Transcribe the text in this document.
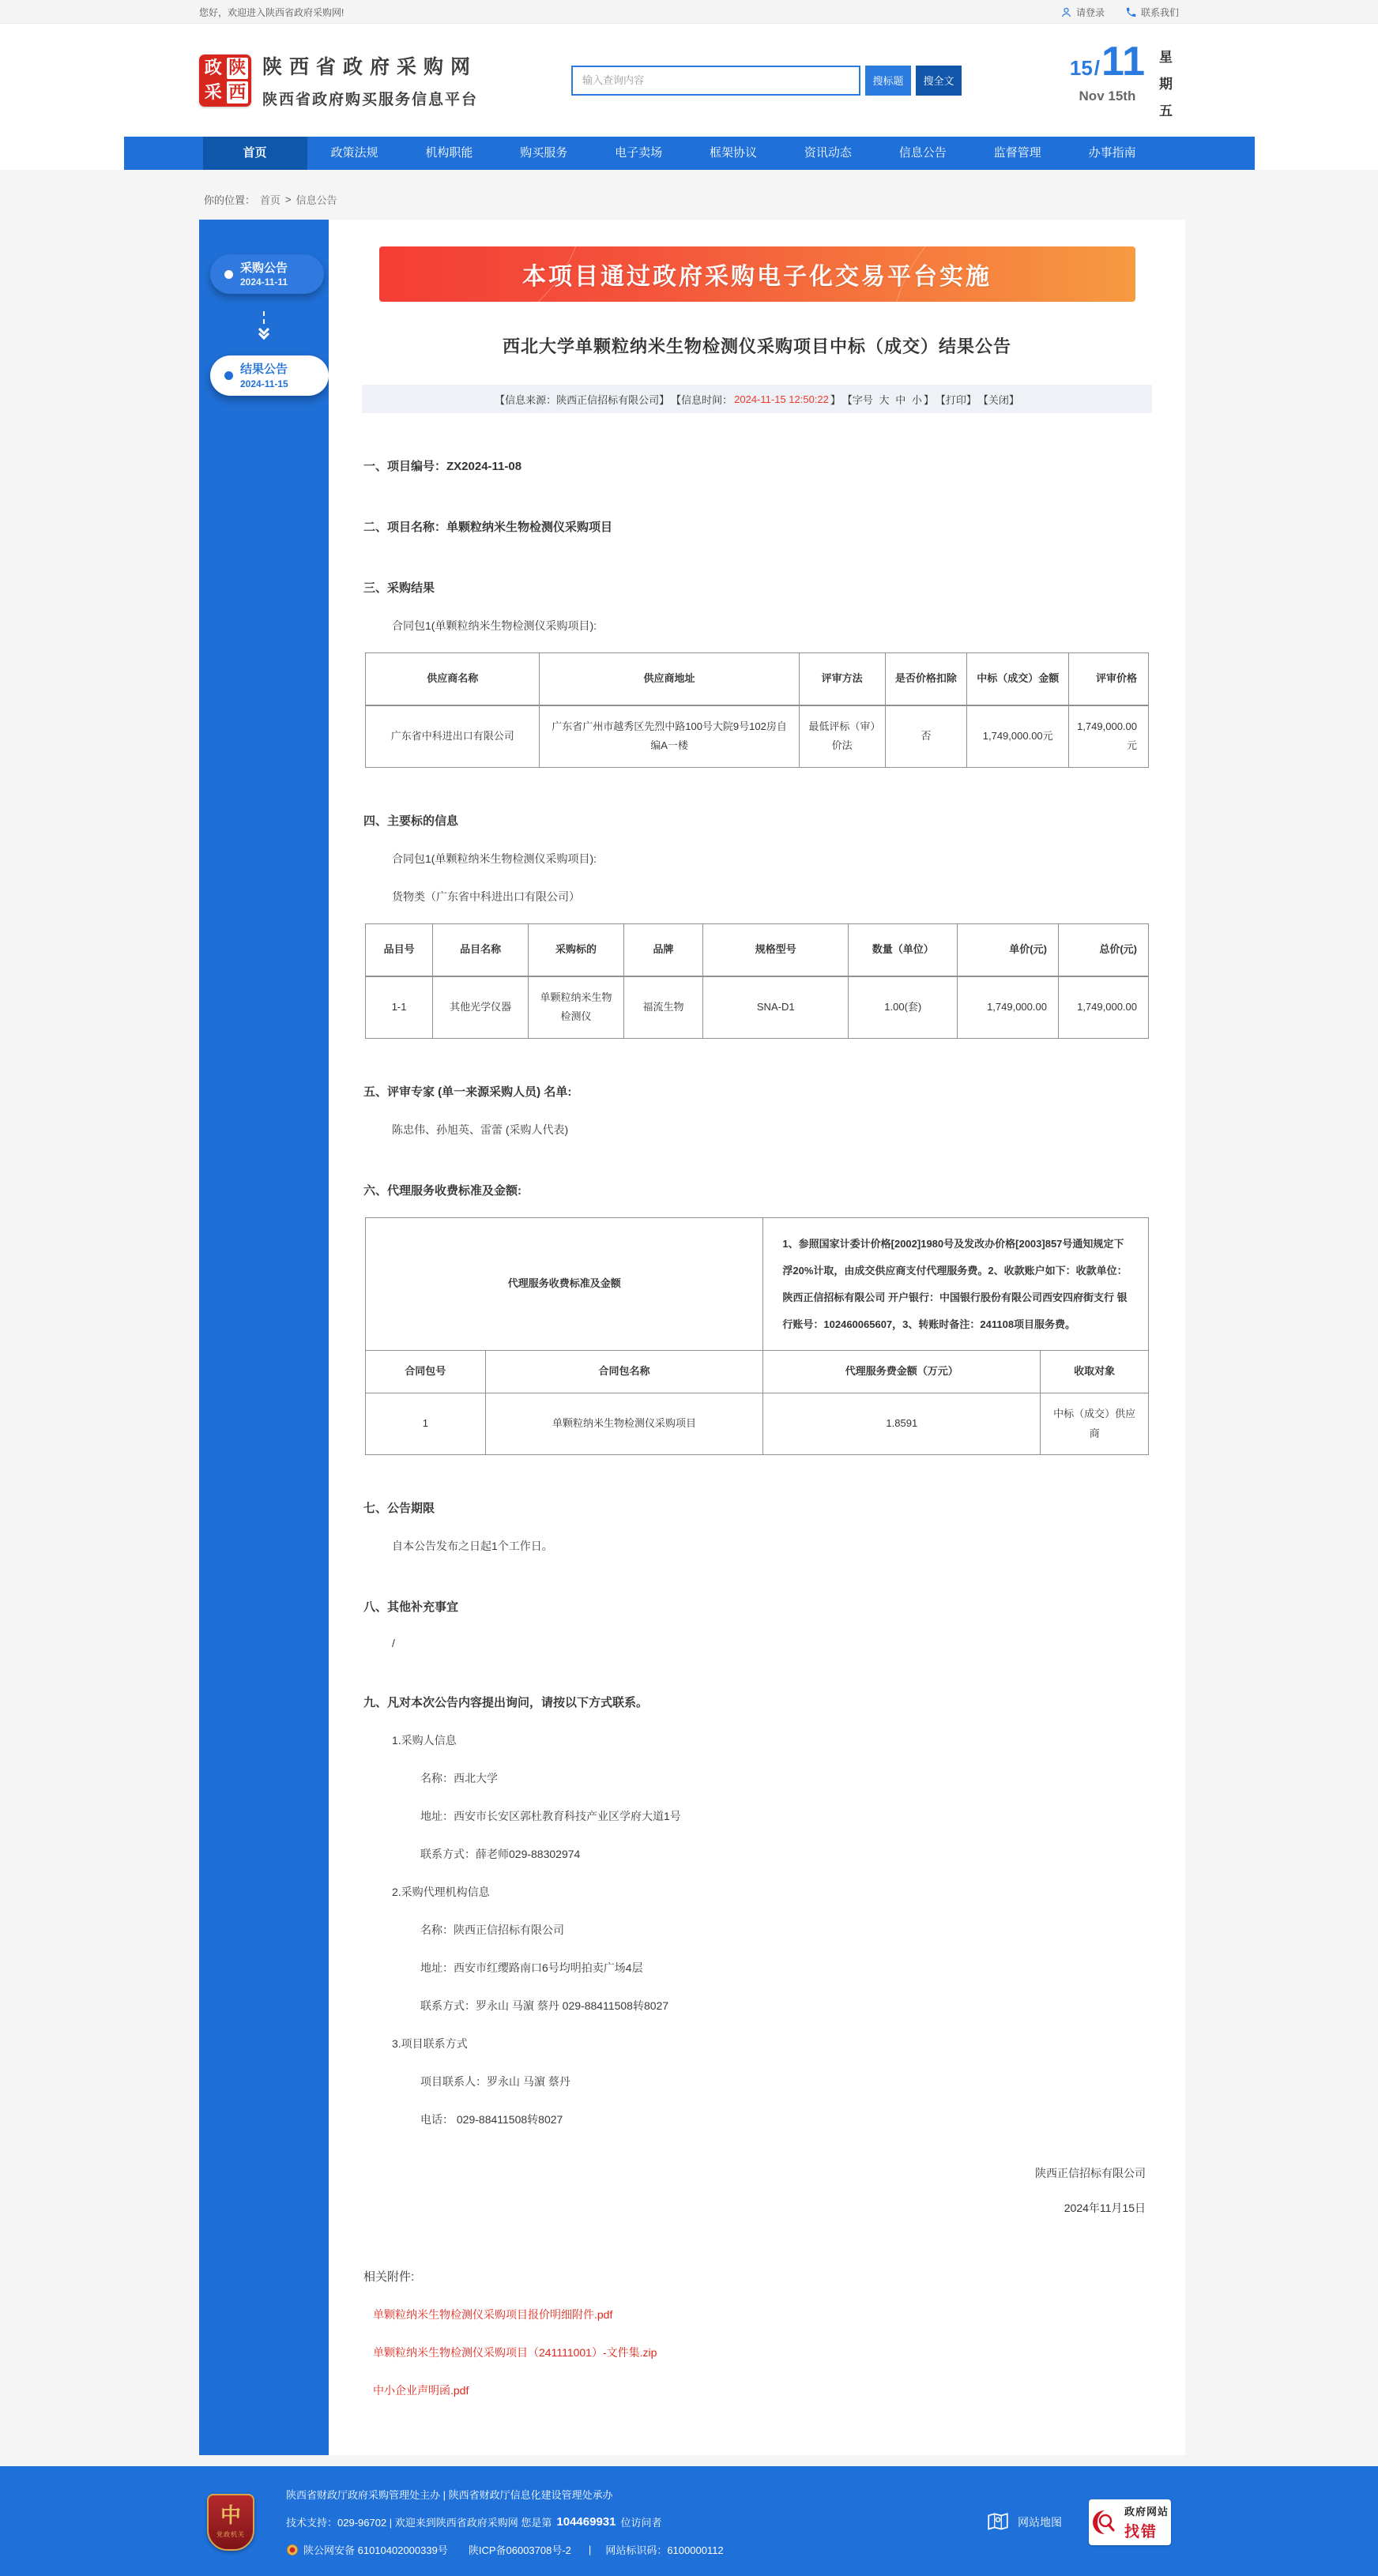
您好，欢迎进入陕西省政府采购网!	请登录	联系我们
政 陕
采 西
陕西省政府采购网
陕西省政府购买服务信息平台
输入查询内容
搜标题	搜全文
15 / 11
Nov 15th
星
期
五
首页	政策法规	机构职能	购买服务	电子卖场	框架协议	资讯动态	信息公告	监督管理	办事指南
你的位置： 首页 > 信息公告
采购公告
2024-11-11
结果公告
2024-11-15
本项目通过政府采购电子化交易平台实施
西北大学单颗粒纳米生物检测仪采购项目中标（成交）结果公告
【信息来源：陕西正信招标有限公司】 【信息时间： 2024-11-15 12:50:22 】 【字号
大
中
小 】 【打印】 【关闭】
一、项目编号：ZX2024-11-08
二、项目名称：单颗粒纳米生物检测仪采购项目
三、采购结果
合同包1(单颗粒纳米生物检测仪采购项目):
供应商名称	供应商地址	评审方法	是否价格扣除	中标（成交）金额	评审价格
广东省中科进出口有限公司	广东省广州市越秀区先烈中路100号大院9号102房自编A一楼	最低评标（审）价法	否	1,749,000.00元	1,749,000.00 元
四、主要标的信息
合同包1(单颗粒纳米生物检测仪采购项目):
货物类（广东省中科进出口有限公司）
品目号	品目名称	采购标的	品牌	规格型号	数量（单位）	单价(元)	总价(元)
1-1	其他光学仪器	单颗粒纳米生物检测仪	福流生物	SNA-D1	1.00(套)	1,749,000.00	1,749,000.00
五、评审专家 (单一来源采购人员) 名单:
陈忠伟、孙旭英、雷蕾 (采购人代表)
六、代理服务收费标准及金额:
代理服务收费标准及金额		1、参照国家计委计价格[2002]1980号及发改办价格[2003]857号通知规定下浮20%计取，由成交供应商支付代理服务费。2、收款账户如下：收款单位：陕西正信招标有限公司 开户银行：中国银行股份有限公司西安四府街支行 银行账号：102460065607，3、转账时备注：241108项目服务费。	
合同包号	合同包名称	代理服务费金额（万元）	收取对象
1	单颗粒纳米生物检测仪采购项目	1.8591	中标（成交）供应商
七、公告期限
自本公告发布之日起1个工作日。
八、其他补充事宜
/
九、凡对本次公告内容提出询问，请按以下方式联系。
1.采购人信息
名称：西北大学
地址：西安市长安区郭杜教育科技产业区学府大道1号
联系方式：薛老师029-88302974
2.采购代理机构信息
名称：陕西正信招标有限公司
地址：西安市红缨路南口6号均明拍卖广场4层
联系方式：罗永山 马濵 蔡丹 029-88411508转8027
3.项目联系方式
项目联系人：罗永山 马濵 蔡丹
电话： 029-88411508转8027
陕西正信招标有限公司
2024年11月15日
相关附件:
单颗粒纳米生物检测仪采购项目报价明细附件.pdf
单颗粒纳米生物检测仪采购项目（241111001）-文件集.zip
中小企业声明函.pdf
中
党政机关
陕西省财政厅政府采购管理处主办 | 陕西省财政厅信息化建设管理处承办
技术支持：029-96702 | 欢迎来到陕西省政府采购网 您是第 104469931 位访问者
陕公网安备 61010402000339号 陕ICP备06003708号-2 | 网站标识码：6100000112
网站地图
政府网站
找错
